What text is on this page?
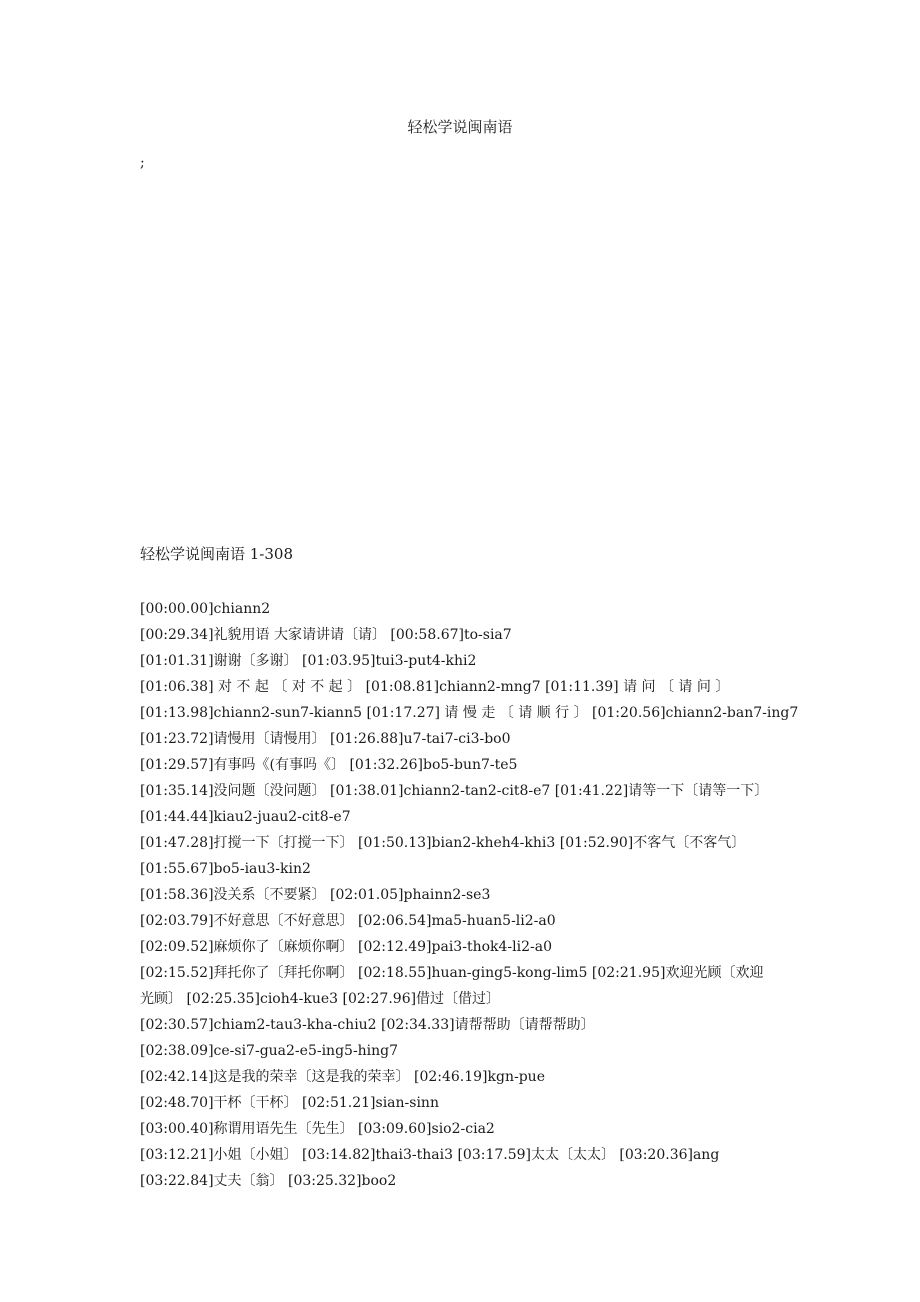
轻松学说闽南语
;
轻松学说闽南语 1-308
[00:00.00]chiann2
[00:29.34]礼貌用语 大家请讲请〔请〕 [00:58.67]to-sia7
[01:01.31]谢谢〔多谢〕 [01:03.95]tui3-put4-khi2
[01:06.38] 对 不 起 〔 对 不 起 〕 [01:08.81]chiann2-mng7 [01:11.39] 请 问 〔 请 问 〕
[01:13.98]chiann2-sun7-kiann5 [01:17.27] 请 慢 走 〔 请 顺 行 〕 [01:20.56]chiann2-ban7-ing7
[01:23.72]请慢用〔请慢用〕 [01:26.88]u7-tai7-ci3-bo0
[01:29.57]有事吗《(有事吗《〕 [01:32.26]bo5-bun7-te5
[01:35.14]没问题〔没问题〕 [01:38.01]chiann2-tan2-cit8-e7 [01:41.22]请等一下〔请等一下〕
[01:44.44]kiau2-juau2-cit8-e7
[01:47.28]打搅一下〔打搅一下〕 [01:50.13]bian2-kheh4-khi3 [01:52.90]不客气〔不客气〕
[01:55.67]bo5-iau3-kin2
[01:58.36]没关系〔不要紧〕 [02:01.05]phainn2-se3
[02:03.79]不好意思〔不好意思〕 [02:06.54]ma5-huan5-li2-a0
[02:09.52]麻烦你了〔麻烦你啊〕 [02:12.49]pai3-thok4-li2-a0
[02:15.52]拜托你了〔拜托你啊〕 [02:18.55]huan-ging5-kong-lim5 [02:21.95]欢迎光顾〔欢迎
光顾〕 [02:25.35]cioh4-kue3 [02:27.96]借过〔借过〕
[02:30.57]chiam2-tau3-kha-chiu2 [02:34.33]请帮帮助〔请帮帮助〕
[02:38.09]ce-si7-gua2-e5-ing5-hing7
[02:42.14]这是我的荣幸〔这是我的荣幸〕 [02:46.19]kgn-pue
[02:48.70]干杯〔干杯〕 [02:51.21]sian-sinn
[03:00.40]称谓用语先生〔先生〕 [03:09.60]sio2-cia2
[03:12.21]小姐〔小姐〕 [03:14.82]thai3-thai3 [03:17.59]太太〔太太〕 [03:20.36]ang
[03:22.84]丈夫〔翁〕 [03:25.32]boo2
